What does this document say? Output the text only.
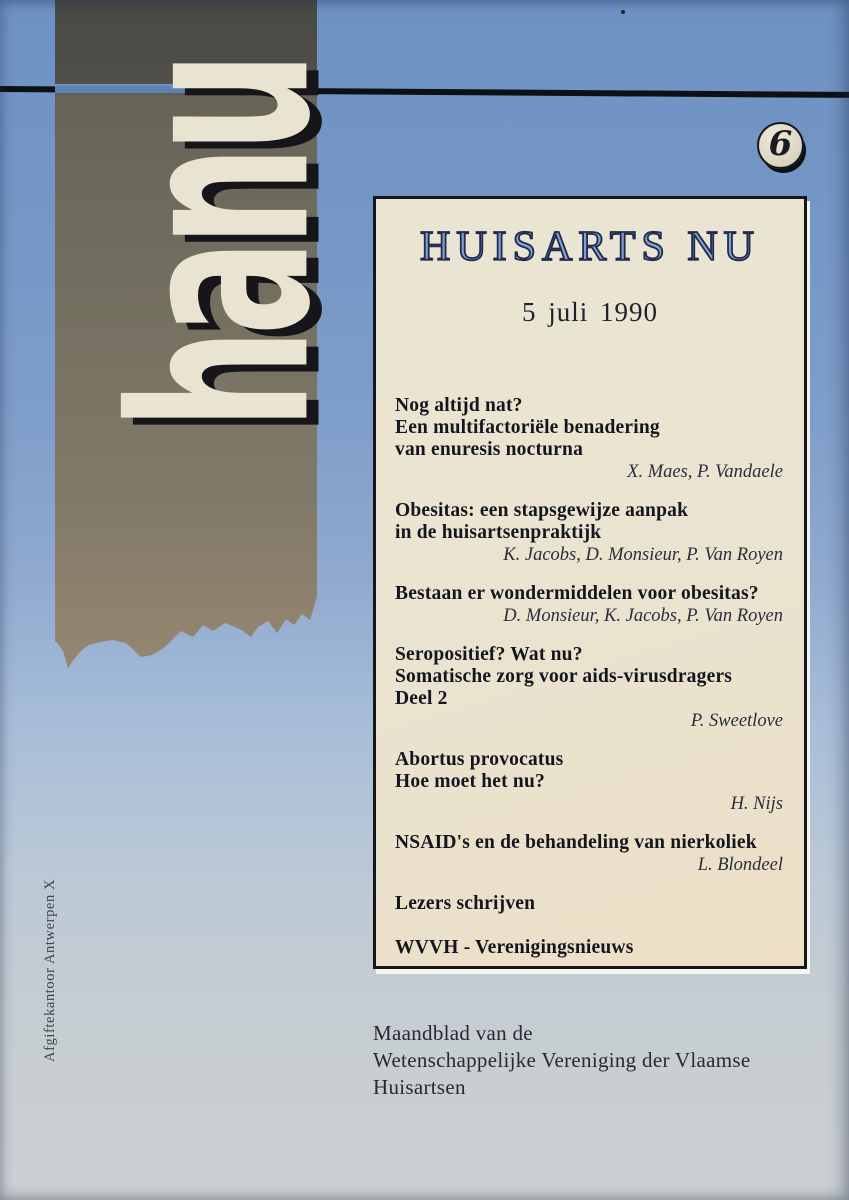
hanu
Afgiftekantoor Antwerpen X
6
HUISARTS NU
5 juli 1990
Nog altijd nat?
Een multifactoriële benadering
van enuresis nocturna
X. Maes, P. Vandaele
Obesitas: een stapsgewijze aanpak
in de huisartsenpraktijk
K. Jacobs, D. Monsieur, P. Van Royen
Bestaan er wondermiddelen voor obesitas?
D. Monsieur, K. Jacobs, P. Van Royen
Seropositief? Wat nu?
Somatische zorg voor aids-virusdragers
Deel 2
P. Sweetlove
Abortus provocatus
Hoe moet het nu?
H. Nijs
NSAID's en de behandeling van nierkoliek
L. Blondeel
Lezers schrijven
WVVH - Verenigingsnieuws
Maandblad van de
Wetenschappelijke Vereniging der Vlaamse Huisartsen
